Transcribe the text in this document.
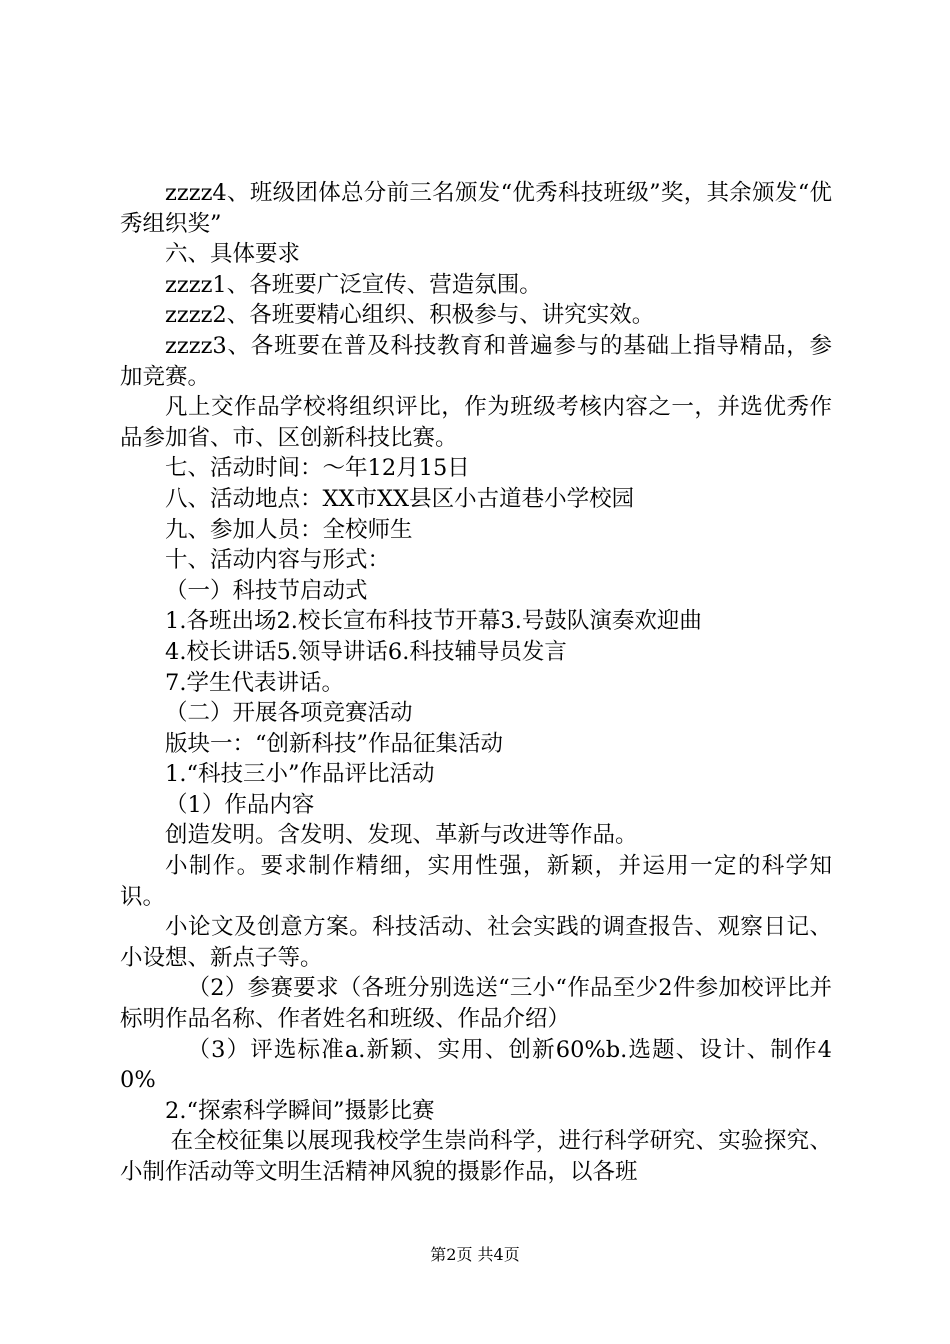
zzzz4、班级团体总分前三名颁发“优秀科技班级”奖，其余颁发“优秀组织奖”

六、具体要求

zzzz1、各班要广泛宣传、营造氛围。

zzzz2、各班要精心组织、积极参与、讲究实效。

zzzz3、各班要在普及科技教育和普遍参与的基础上指导精品，参加竞赛。

凡上交作品学校将组织评比，作为班级考核内容之一，并选优秀作品参加省、市、区创新科技比赛。

七、活动时间：～年12月15日

八、活动地点：XX市XX县区小古道巷小学校园

九、参加人员：全校师生

十、活动内容与形式：

（一）科技节启动式

1.各班出场2.校长宣布科技节开幕3.号鼓队演奏欢迎曲

4.校长讲话5.领导讲话6.科技辅导员发言

7.学生代表讲话。

（二）开展各项竞赛活动

版块一：“创新科技”作品征集活动

1.“科技三小”作品评比活动

（1）作品内容

创造发明。含发明、发现、革新与改进等作品。

小制作。要求制作精细，实用性强，新颖，并运用一定的科学知识。

小论文及创意方案。科技活动、社会实践的调查报告、观察日记、小设想、新点子等。

（2）参赛要求（各班分别选送“三小“作品至少2件参加校评比并标明作品名称、作者姓名和班级、作品介绍）

（3）评选标准a.新颖、实用、创新60%b.选题、设计、制作40%

2.“探索科学瞬间”摄影比赛

在全校征集以展现我校学生崇尚科学，进行科学研究、实验探究、小制作活动等文明生活精神风貌的摄影作品，以各班

第2页 共4页
